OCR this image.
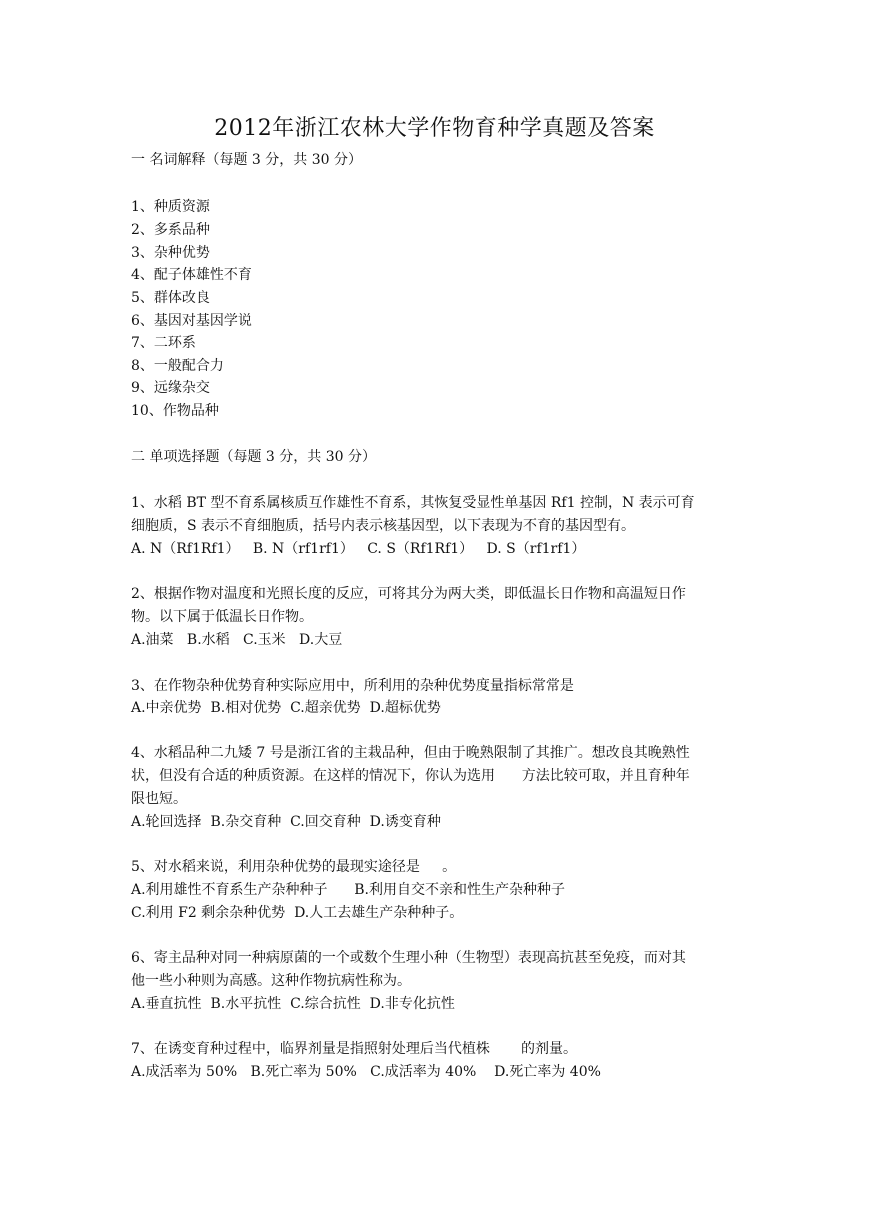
2012年浙江农林大学作物育种学真题及答案
一 名词解释（每题 3 分，共 30 分）
1、种质资源
2、多系品种
3、杂种优势
4、配子体雄性不育
5、群体改良
6、基因对基因学说
7、二环系
8、一般配合力
9、远缘杂交
10、作物品种
二 单项选择题（每题 3 分，共 30 分）
1、水稻 BT 型不育系属核质互作雄性不育系，其恢复受显性单基因 Rf1 控制，N 表示可育
细胞质，S 表示不育细胞质，括号内表示核基因型，以下表现为不育的基因型有。
A. N（Rf1Rf1）   B. N（rf1rf1）   C. S（Rf1Rf1）   D. S（rf1rf1）
2、根据作物对温度和光照长度的反应，可将其分为两大类，即低温长日作物和高温短日作
物。以下属于低温长日作物。
A.油菜   B.水稻   C.玉米   D.大豆
3、在作物杂种优势育种实际应用中，所利用的杂种优势度量指标常常是
A.中亲优势  B.相对优势  C.超亲优势  D.超标优势
4、水稻品种二九矮 7 号是浙江省的主栽品种，但由于晚熟限制了其推广。想改良其晚熟性
状，但没有合适的种质资源。在这样的情况下，你认为选用      方法比较可取，并且育种年
限也短。
A.轮回选择  B.杂交育种  C.回交育种  D.诱变育种
5、对水稻来说，利用杂种优势的最现实途径是     。
A.利用雄性不育系生产杂种种子      B.利用自交不亲和性生产杂种种子
C.利用 F2 剩余杂种优势  D.人工去雄生产杂种种子。
6、寄主品种对同一种病原菌的一个或数个生理小种（生物型）表现高抗甚至免疫，而对其
他一些小种则为高感。这种作物抗病性称为。
A.垂直抗性  B.水平抗性  C.综合抗性  D.非专化抗性
7、在诱变育种过程中，临界剂量是指照射处理后当代植株       的剂量。
A.成活率为 50%   B.死亡率为 50%   C.成活率为 40%    D.死亡率为 40%
